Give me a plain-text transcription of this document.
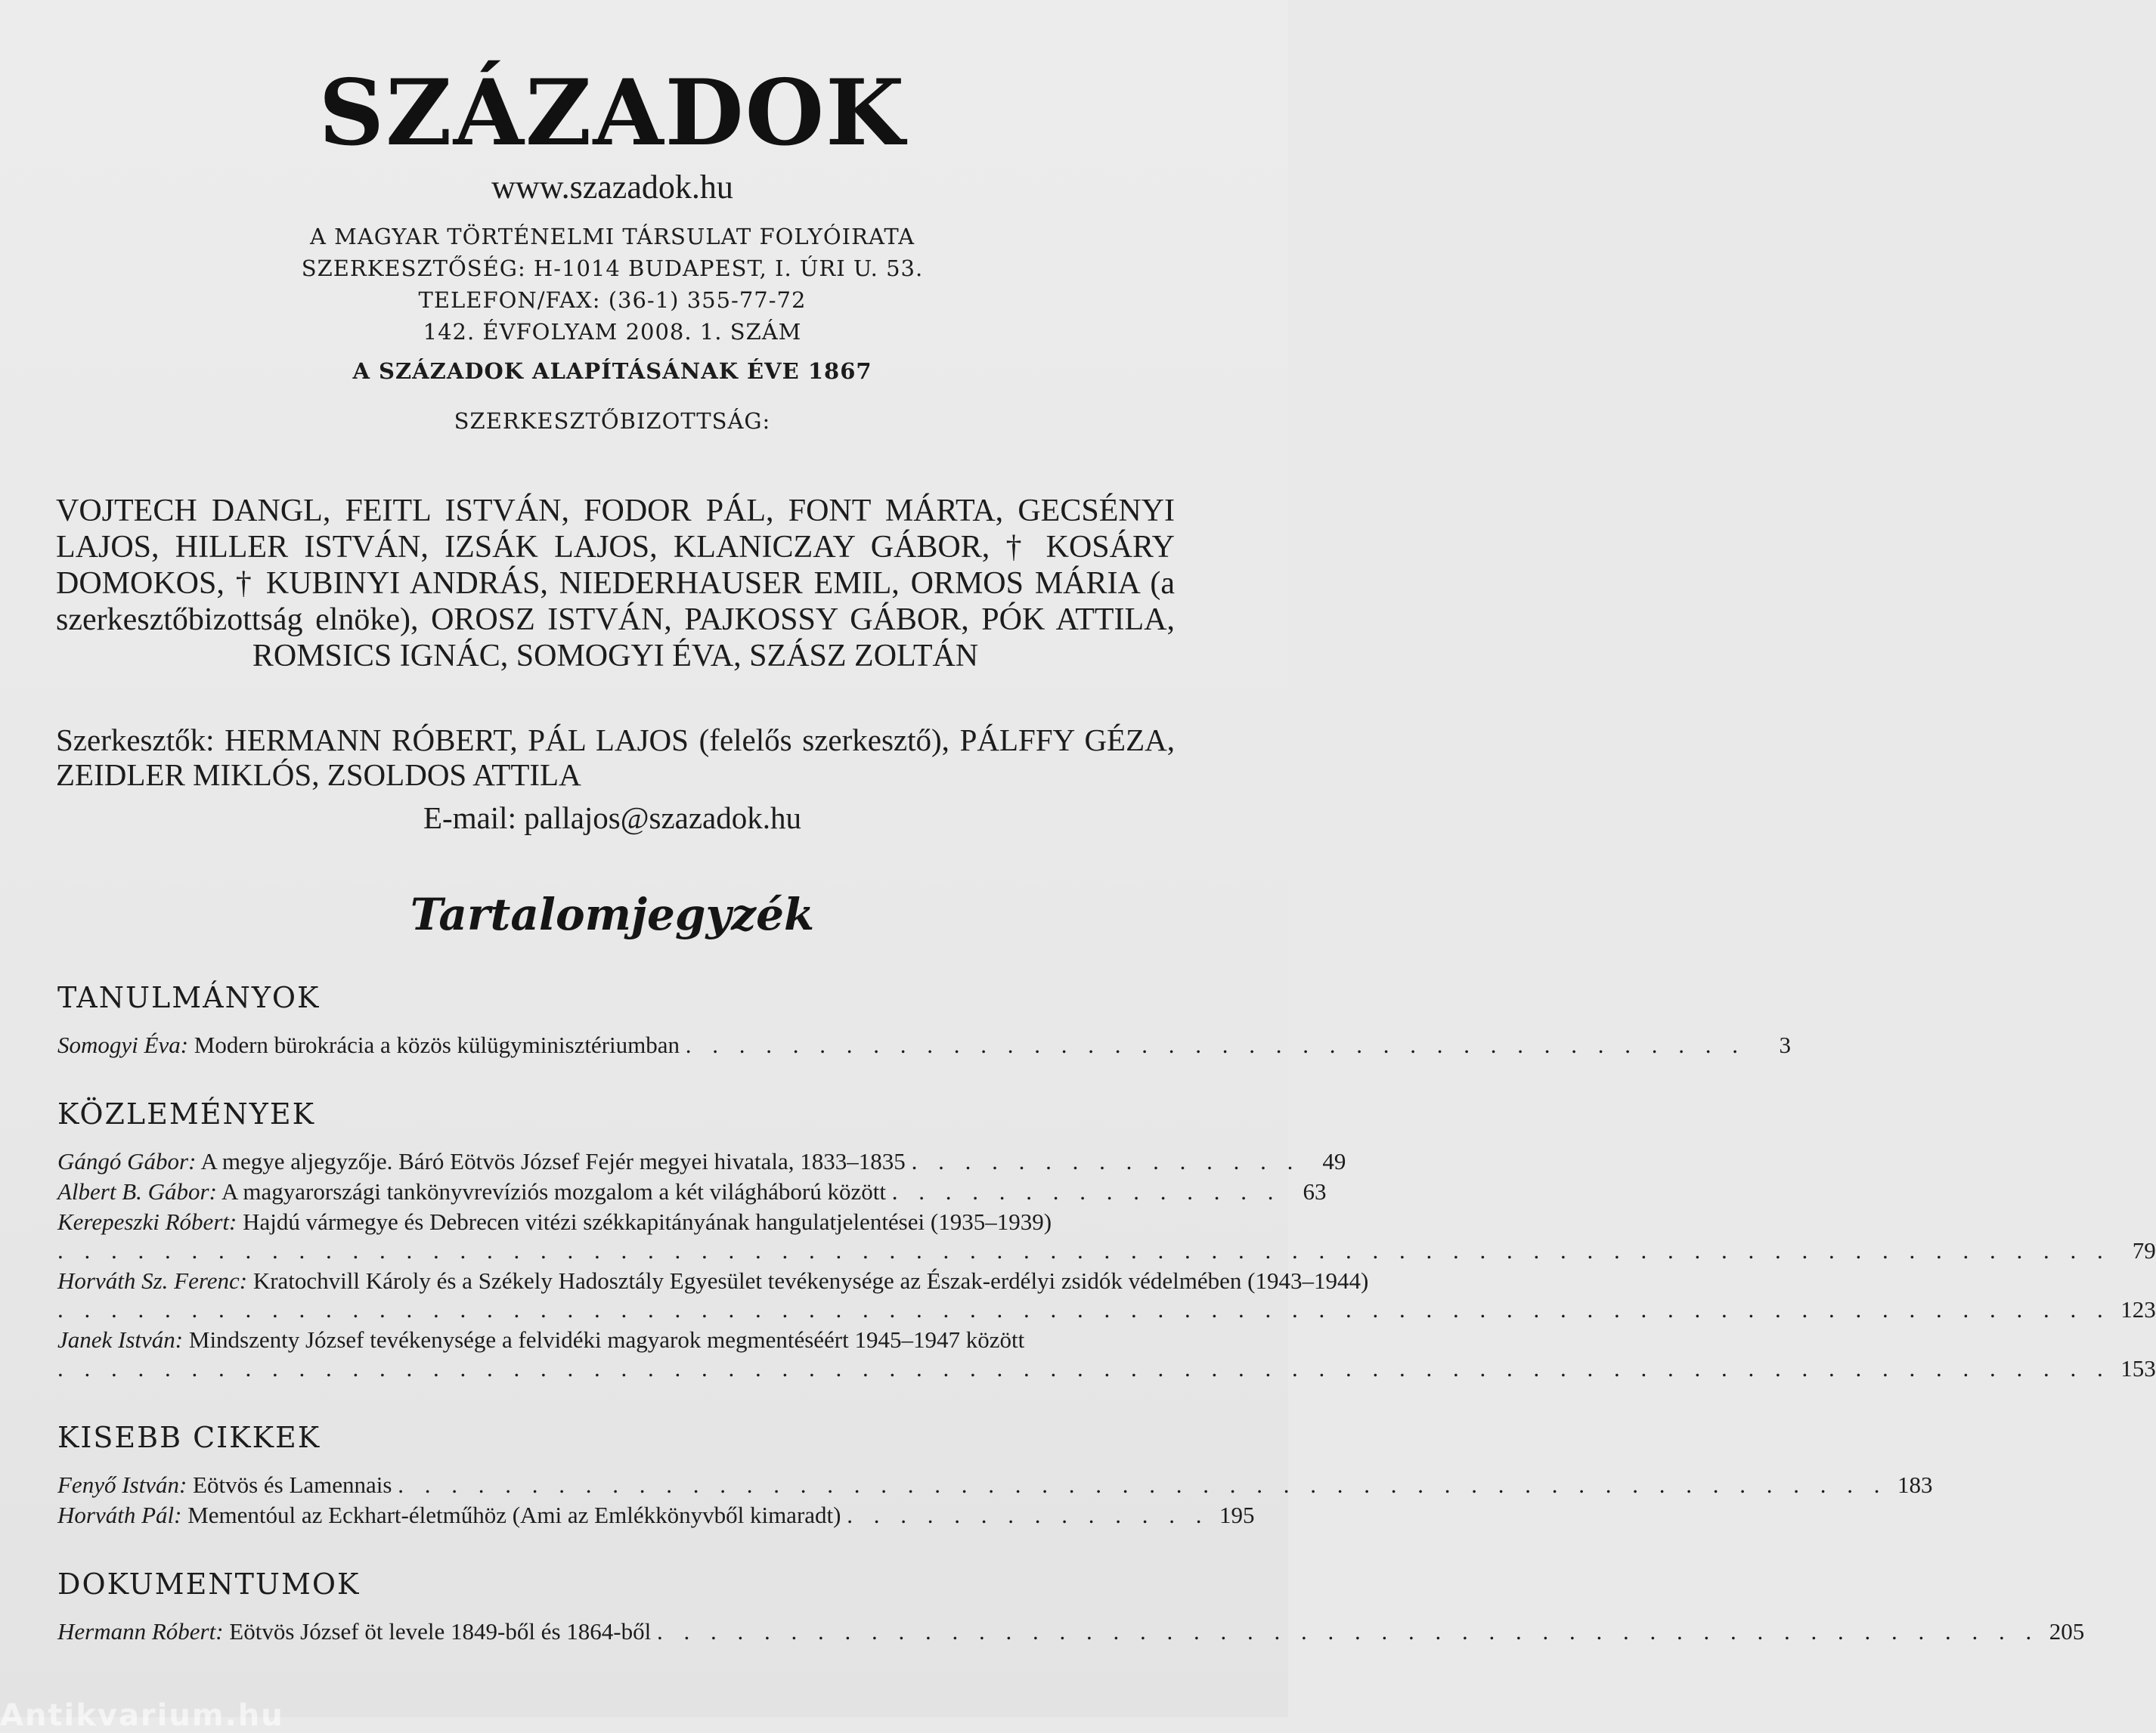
SZÁZADOK
www.szazadok.hu
A MAGYAR TÖRTÉNELMI TÁRSULAT FOLYÓIRATA
SZERKESZTŐSÉG: H-1014 BUDAPEST, I. ÚRI U. 53.
TELEFON/FAX: (36-1) 355-77-72
142. ÉVFOLYAM 2008. 1. SZÁM
A SZÁZADOK ALAPÍTÁSÁNAK ÉVE 1867
SZERKESZTŐBIZOTTSÁG:
VOJTECH DANGL, FEITL ISTVÁN, FODOR PÁL, FONT MÁRTA, GECSÉNYI LAJOS, HILLER ISTVÁN, IZSÁK LAJOS, KLANICZAY GÁBOR, † KOSÁRY DOMOKOS, † KUBINYI ANDRÁS, NIEDERHAUSER EMIL, ORMOS MÁRIA (a szerkesztőbizottság elnöke), OROSZ ISTVÁN, PAJKOSSY GÁBOR, PÓK ATTILA, ROMSICS IGNÁC, SOMOGYI ÉVA, SZÁSZ ZOLTÁN
Szerkesztők: HERMANN RÓBERT, PÁL LAJOS (felelős szerkesztő), PÁLFFY GÉZA, ZEIDLER MIKLÓS, ZSOLDOS ATTILA
E-mail: pallajos@szazadok.hu
Tartalomjegyzék
TANULMÁNYOK
Somogyi Éva: Modern bürokrácia a közös külügyminisztériumban . . . . . . . . . . . . . . . . . . . . . . . . . . . . . . . . . . . . . . . .	3
KÖZLEMÉNYEK
Gángó Gábor: A megye aljegyzője. Báró Eötvös József Fejér megyei hivatala, 1833–1835 . . . . . . . . . . . . . . . 49
Albert B. Gábor: A magyarországi tankönyvrevíziós mozgalom a két világháború között . . . . . . . . . . . . . . . 63
Kerepeszki Róbert: Hajdú vármegye és Debrecen vitézi székkapitányának hangulatjelentései (1935–1939) . . . . . . . . . . . . . . . . . . . . . . . . . . . . . . . . . . . . . . . . . . . . . . . . . . . . . . . . . . . . . . . . . . . . . . . . . . . . . 79
Horváth Sz. Ferenc: Kratochvill Károly és a Székely Hadosztály Egyesület tevékenysége az Észak-erdélyi zsidók védelmében (1943–1944) . . . . . . . . . . . . . . . . . . . . . . . . . . . . . . . . . . . . . . . . . . . . . . . . . . . . . . . . . . . . . . . . . . . . . . . . . . . . . 123
Janek István: Mindszenty József tevékenysége a felvidéki magyarok megmentéséért 1945–1947 között . . . . . . . . . . . . . . . . . . . . . . . . . . . . . . . . . . . . . . . . . . . . . . . . . . . . . . . . . . . . . . . . . . . . . . . . . . . . . 153
KISEBB CIKKEK
Fenyő István: Eötvös és Lamennais . . . . . . . . . . . . . . . . . . . . . . . . . . . . . . . . . . . . . . . . . . . . . . . . . . . . . . . . 183
Horváth Pál: Mementóul az Eckhart-életműhöz (Ami az Emlékkönyvből kimaradt) . . . . . . . . . . . . . . 195
DOKUMENTUMOK
Hermann Róbert: Eötvös József öt levele 1849-ből és 1864-ből . . . . . . . . . . . . . . . . . . . . . . . . . . . . . . . . . . . . . . . . . . . . . . . . . . . . 205
Antikvarium.hu
